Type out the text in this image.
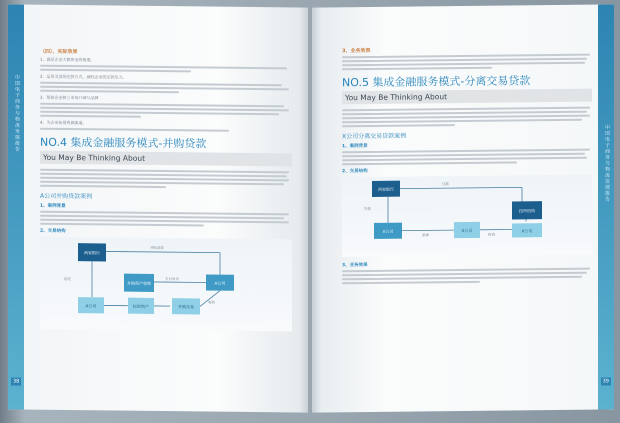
中国电子商务与物流发展报告
38
（四）、实际效果
1、满足企业大额资金的需要。
2、运用灵活的还款方式，减轻企业的还款压力。
3、帮助企业树立市场口碑与品牌
4、为企业拓展资源渠道。
NO.4 集成金融服务模式-并购贷款
You May Be Thinking About
A公司并购贷款案例
1、案例背景
2、交易结构
两家银行
并购资产收购	A公司
A公司	标的资产	并购交易
并购贷款
支付对价
偿还
收购
中国电子商务与物流发展报告
39
3、业务效果
NO.5 集成金融服务模式-分离交易贷款
You May Be Thinking About
X公司分离交易贷款案例
1、案例背景
2、交易结构
两家银行
X公司	X公司
投资机构
X公司
贷款
质押
还款
投资
3、业务效果
